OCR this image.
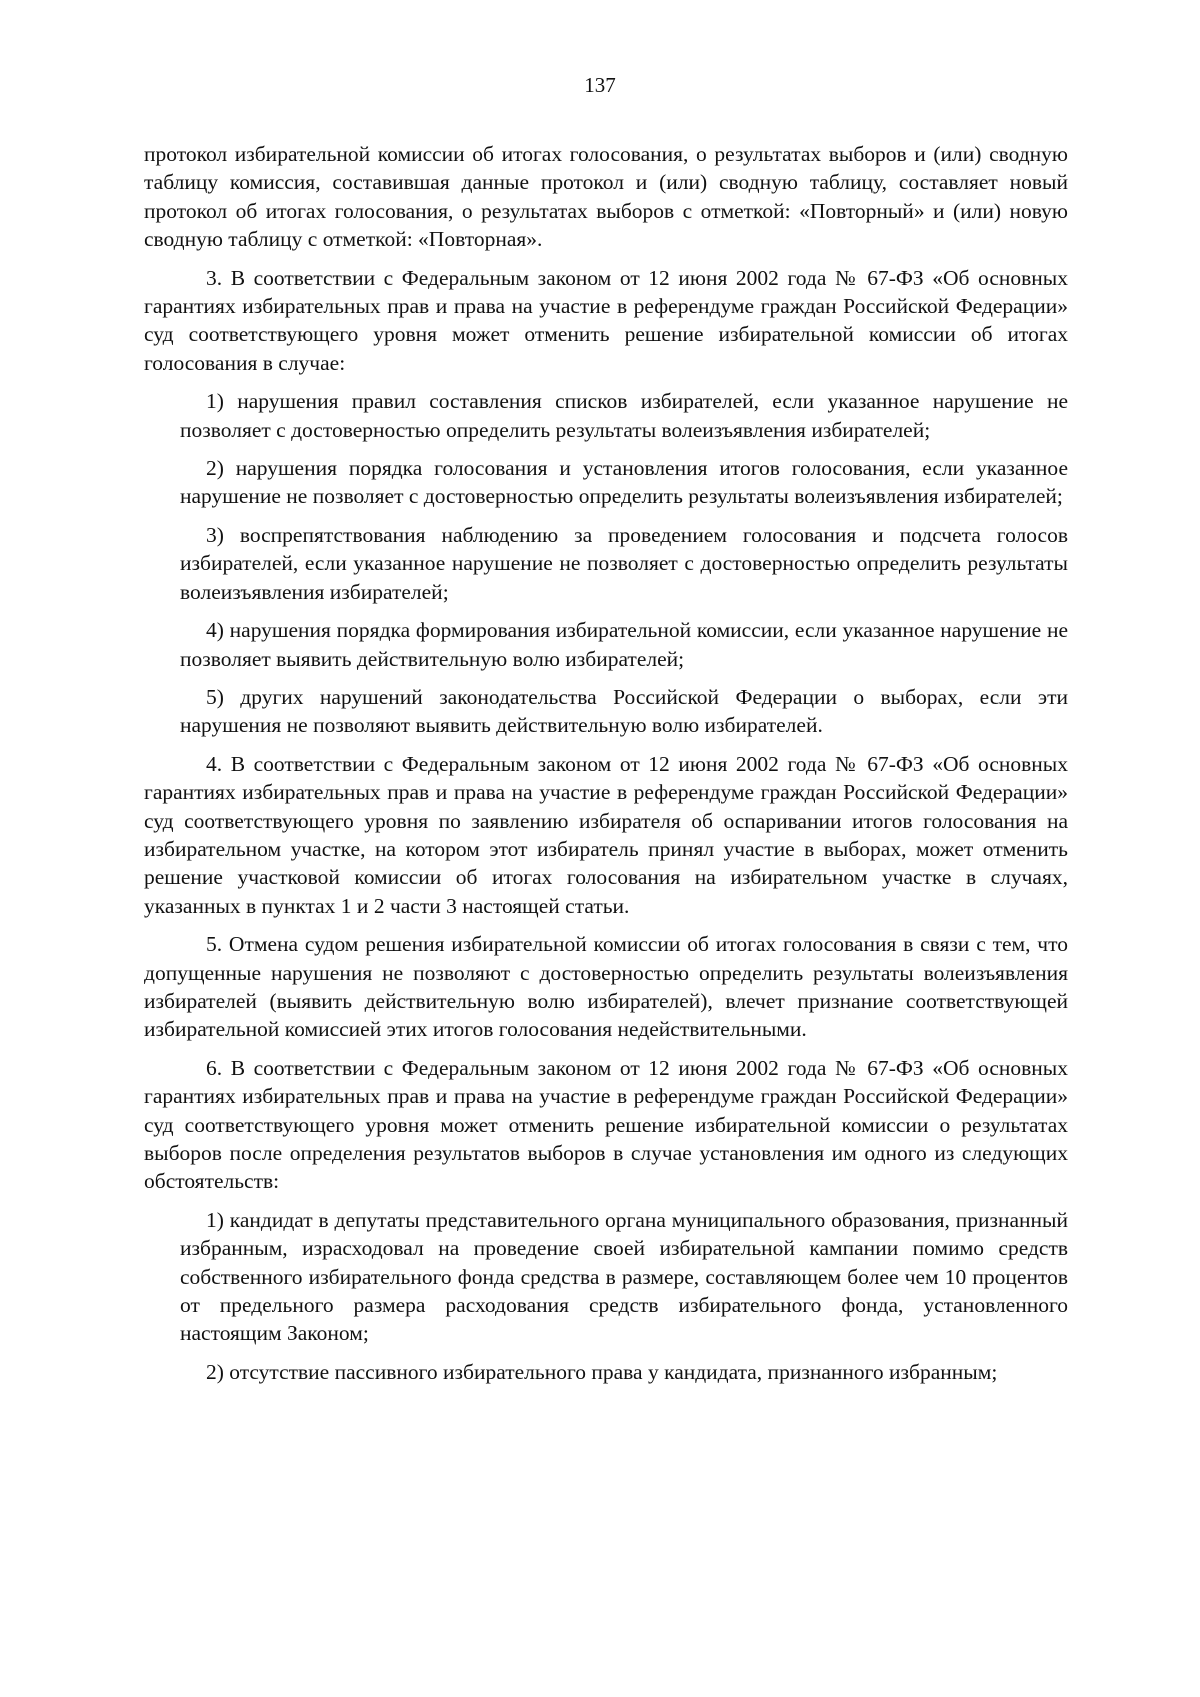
137

протокол избирательной комиссии об итогах голосования, о результатах выборов и (или) сводную таблицу комиссия, составившая данные протокол и (или) сводную таблицу, составляет новый протокол об итогах голосования, о результатах выборов с отметкой: «Повторный» и (или) новую сводную таблицу с отметкой: «Повторная».

3. В соответствии с Федеральным законом от 12 июня 2002 года № 67-ФЗ «Об основных гарантиях избирательных прав и права на участие в референдуме граждан Российской Федерации» суд соответствующего уровня может отменить решение избирательной комиссии об итогах голосования в случае:

1) нарушения правил составления списков избирателей, если указанное нарушение не позволяет с достоверностью определить результаты волеизъявления избирателей;

2) нарушения порядка голосования и установления итогов голосования, если указанное нарушение не позволяет с достоверностью определить результаты волеизъявления избирателей;

3) воспрепятствования наблюдению за проведением голосования и подсчета голосов избирателей, если указанное нарушение не позволяет с достоверностью определить результаты волеизъявления избирателей;

4) нарушения порядка формирования избирательной комиссии, если указанное нарушение не позволяет выявить действительную волю избирателей;

5) других нарушений законодательства Российской Федерации о выборах, если эти нарушения не позволяют выявить действительную волю избирателей.

4. В соответствии с Федеральным законом от 12 июня 2002 года № 67-ФЗ «Об основных гарантиях избирательных прав и права на участие в референдуме граждан Российской Федерации» суд соответствующего уровня по заявлению избирателя об оспаривании итогов голосования на избирательном участке, на котором этот избиратель принял участие в выборах, может отменить решение участковой комиссии об итогах голосования на избирательном участке в случаях, указанных в пунктах 1 и 2 части 3 настоящей статьи.

5. Отмена судом решения избирательной комиссии об итогах голосования в связи с тем, что допущенные нарушения не позволяют с достоверностью определить результаты волеизъявления избирателей (выявить действительную волю избирателей), влечет признание соответствующей избирательной комиссией этих итогов голосования недействительными.

6. В соответствии с Федеральным законом от 12 июня 2002 года № 67-ФЗ «Об основных гарантиях избирательных прав и права на участие в референдуме граждан Российской Федерации» суд соответствующего уровня может отменить решение избирательной комиссии о результатах выборов после определения результатов выборов в случае установления им одного из следующих обстоятельств:

1) кандидат в депутаты представительного органа муниципального образования, признанный избранным, израсходовал на проведение своей избирательной кампании помимо средств собственного избирательного фонда средства в размере, составляющем более чем 10 процентов от предельного размера расходования средств избирательного фонда, установленного настоящим Законом;

2) отсутствие пассивного избирательного права у кандидата, признанного избранным;
